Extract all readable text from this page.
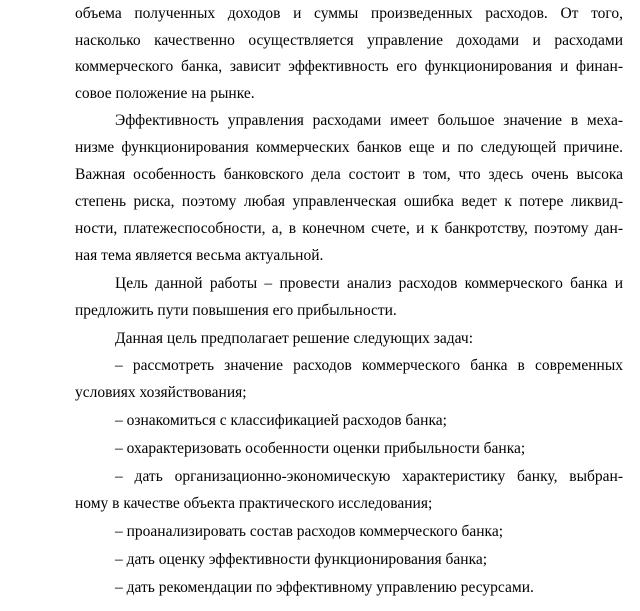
объема полученных доходов и суммы произведенных расходов. От того,
насколько качественно осуществляется управление доходами и расходами
коммерческого банка, зависит эффективность его функционирования и финан-
совое положение на рынке.
Эффективность управления расходами имеет большое значение в меха-
низме функционирования коммерческих банков еще и по следующей причине.
Важная особенность банковского дела состоит в том, что здесь очень высока
степень риска, поэтому любая управленческая ошибка ведет к потере ликвид-
ности, платежеспособности, а, в конечном счете, и к банкротству, поэтому дан-
ная тема является весьма актуальной.
Цель данной работы – провести анализ расходов коммерческого банка и
предложить пути повышения его прибыльности.
Данная цель предполагает решение следующих задач:
– рассмотреть значение расходов коммерческого банка в современных
условиях хозяйствования;
– ознакомиться с классификацией расходов банка;
– охарактеризовать особенности оценки прибыльности банка;
– дать организационно-экономическую характеристику банку, выбран-
ному в качестве объекта практического исследования;
– проанализировать состав расходов коммерческого банка;
– дать оценку эффективности функционирования банка;
– дать рекомендации по эффективному управлению ресурсами.
